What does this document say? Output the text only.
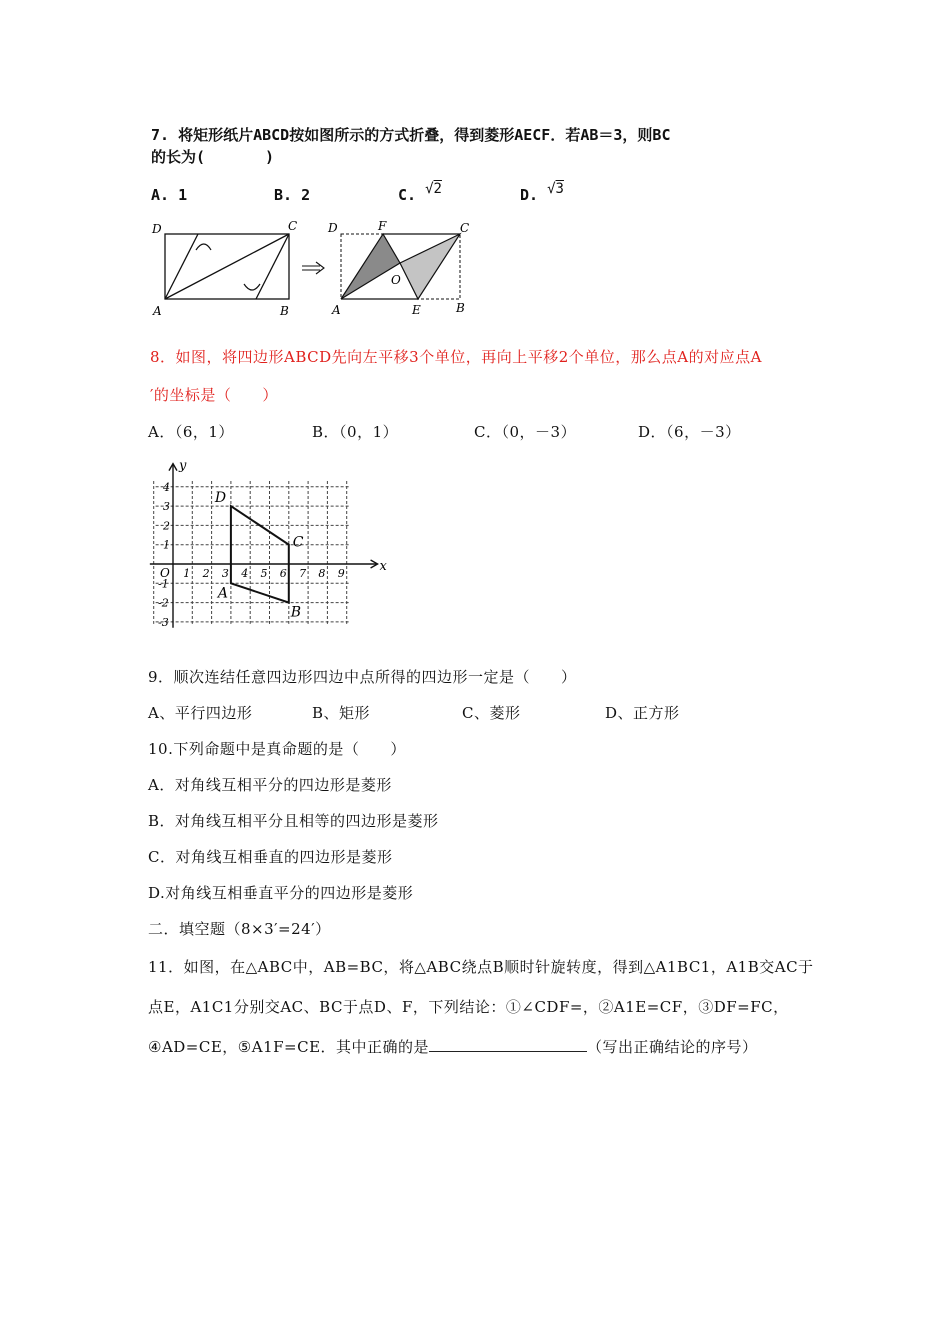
7. 将矩形纸片ABCD按如图所示的方式折叠，得到菱形AECF．若AB＝3，则BC
的长为(　　　　)
A. 1	B. 2	C. √2	D. √3
D	C
A	B
D	F	C
O
A	E	B
8．如图，将四边形ABCD先向左平移3个单位，再向上平移2个单位，那么点A的对应点A
′的坐标是（　　）
A．（6，1）	B．（0，1）	C．（0，－3）	D．（6，－3）
x
y
O 1 2 3 4 5 6 7 8 9
4
3
2
1
-1
-2
-3
A
B
C
D
9．顺次连结任意四边形四边中点所得的四边形一定是（　　）
A、平行四边形	B、矩形	C、菱形	D、正方形
10.下列命题中是真命题的是（　　）
A．对角线互相平分的四边形是菱形
B．对角线互相平分且相等的四边形是菱形
C．对角线互相垂直的四边形是菱形
D.对角线互相垂直平分的四边形是菱形
二．填空题（8×3′=24′）
11．如图，在△ABC中，AB=BC，将△ABC绕点B顺时针旋转度，得到△A1BC1，A1B交AC于
点E，A1C1分别交AC、BC于点D、F，下列结论：①∠CDF=，②A1E=CF，③DF=FC，
④AD=CE，⑤A1F=CE．其中正确的是	（写出正确结论的序号）
